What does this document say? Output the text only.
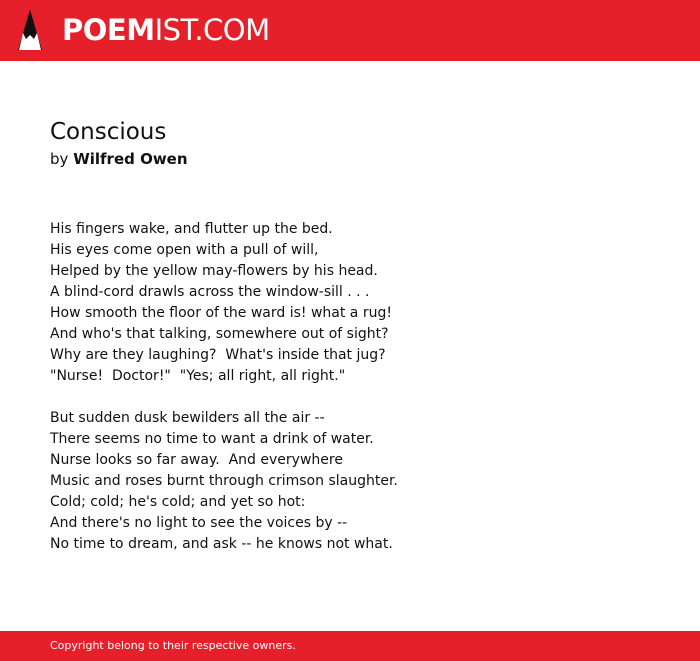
POEMIST.COM
Conscious
by Wilfred Owen
His fingers wake, and flutter up the bed.
His eyes come open with a pull of will,
Helped by the yellow may-flowers by his head.
A blind-cord drawls across the window-sill . . .
How smooth the floor of the ward is! what a rug!
And who's that talking, somewhere out of sight?
Why are they laughing?  What's inside that jug?
"Nurse!  Doctor!"  "Yes; all right, all right."
But sudden dusk bewilders all the air --
There seems no time to want a drink of water.
Nurse looks so far away.  And everywhere
Music and roses burnt through crimson slaughter.
Cold; cold; he's cold; and yet so hot:
And there's no light to see the voices by --
No time to dream, and ask -- he knows not what.
Copyright belong to their respective owners.
